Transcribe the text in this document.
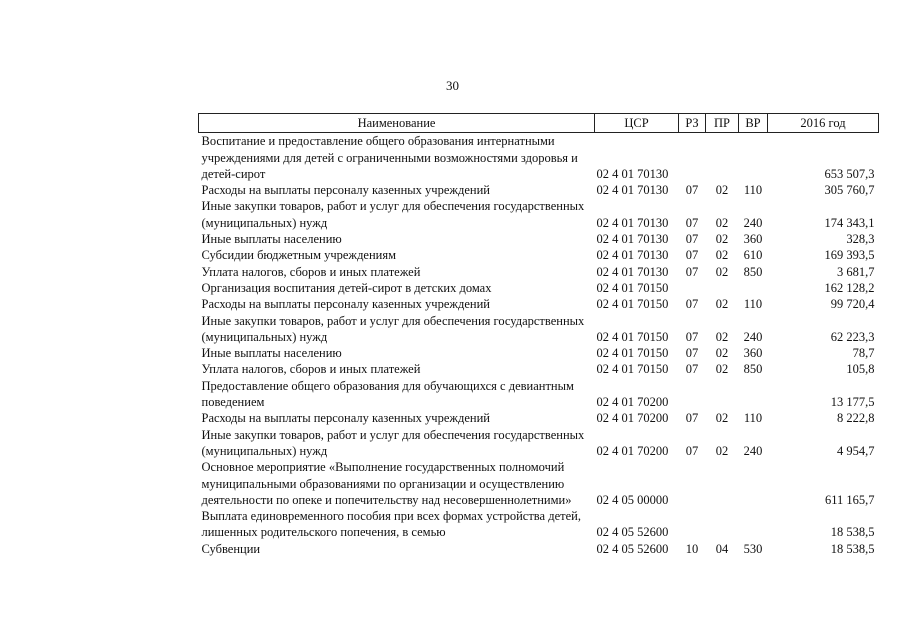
30
Наименование	ЦСР	РЗ	ПР	ВР	2016 год
Воспитание и предоставление общего образования интернатными учреждениями для детей с ограниченными возможностями здоровья и детей-сирот	02 4 01 70130				653 507,3
Расходы на выплаты персоналу казенных учреждений	02 4 01 70130	07	02	110	305 760,7
Иные закупки товаров, работ и услуг для обеспечения государственных (муниципальных) нужд	02 4 01 70130	07	02	240	174 343,1
Иные выплаты населению	02 4 01 70130	07	02	360	328,3
Субсидии бюджетным учреждениям	02 4 01 70130	07	02	610	169 393,5
Уплата налогов, сборов и иных платежей	02 4 01 70130	07	02	850	3 681,7
Организация воспитания детей-сирот в детских домах	02 4 01 70150				162 128,2
Расходы на выплаты персоналу казенных учреждений	02 4 01 70150	07	02	110	99 720,4
Иные закупки товаров, работ и услуг для обеспечения государственных (муниципальных) нужд	02 4 01 70150	07	02	240	62 223,3
Иные выплаты населению	02 4 01 70150	07	02	360	78,7
Уплата налогов, сборов и иных платежей	02 4 01 70150	07	02	850	105,8
Предоставление общего образования для обучающихся с девиантным поведением	02 4 01 70200				13 177,5
Расходы на выплаты персоналу казенных учреждений	02 4 01 70200	07	02	110	8 222,8
Иные закупки товаров, работ и услуг для обеспечения государственных (муниципальных) нужд	02 4 01 70200	07	02	240	4 954,7
Основное мероприятие «Выполнение государственных полномочий муниципальными образованиями по организации и осуществлению деятельности по опеке и попечительству над несовершеннолетними»	02 4 05 00000				611 165,7
Выплата единовременного пособия при всех формах устройства детей, лишенных родительского попечения, в семью	02 4 05 52600				18 538,5
Субвенции	02 4 05 52600	10	04	530	18 538,5
